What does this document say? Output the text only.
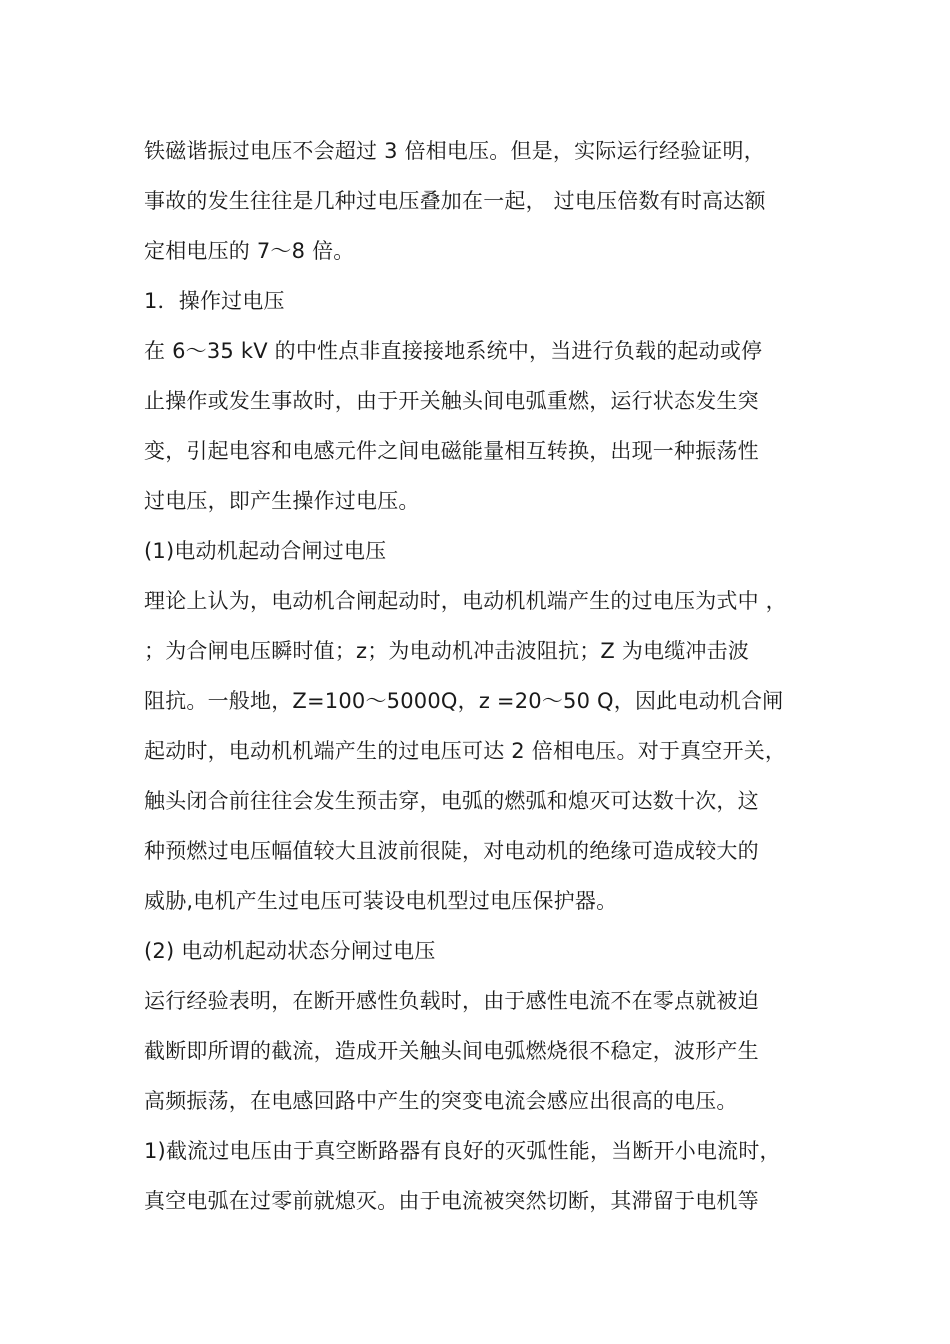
铁磁谐振过电压不会超过 3 倍相电压。但是，实际运行经验证明，
事故的发生往往是几种过电压叠加在一起， 过电压倍数有时高达额
定相电压的 7～8 倍。
1．操作过电压
在 6～35 kV 的中性点非直接接地系统中，当进行负载的起动或停
止操作或发生事故时，由于开关触头间电弧重燃，运行状态发生突
变，引起电容和电感元件之间电磁能量相互转换，出现一种振荡性
过电压，即产生操作过电压。
(1)电动机起动合闸过电压
理论上认为，电动机合闸起动时，电动机机端产生的过电压为式中 ，
；为合闸电压瞬时值；z；为电动机冲击波阻抗；Z 为电缆冲击波
阻抗。一般地，Z=100～5000Q，z =20～50 Q，因此电动机合闸
起动时，电动机机端产生的过电压可达 2 倍相电压。对于真空开关，
触头闭合前往往会发生预击穿，电弧的燃弧和熄灭可达数十次，这
种预燃过电压幅值较大且波前很陡，对电动机的绝缘可造成较大的
威胁,电机产生过电压可装设电机型过电压保护器。
(2) 电动机起动状态分闸过电压
运行经验表明，在断开感性负载时，由于感性电流不在零点就被迫
截断即所谓的截流，造成开关触头间电弧燃烧很不稳定，波形产生
高频振荡，在电感回路中产生的突变电流会感应出很高的电压。
1)截流过电压由于真空断路器有良好的灭弧性能，当断开小电流时，
真空电弧在过零前就熄灭。由于电流被突然切断，其滞留于电机等
